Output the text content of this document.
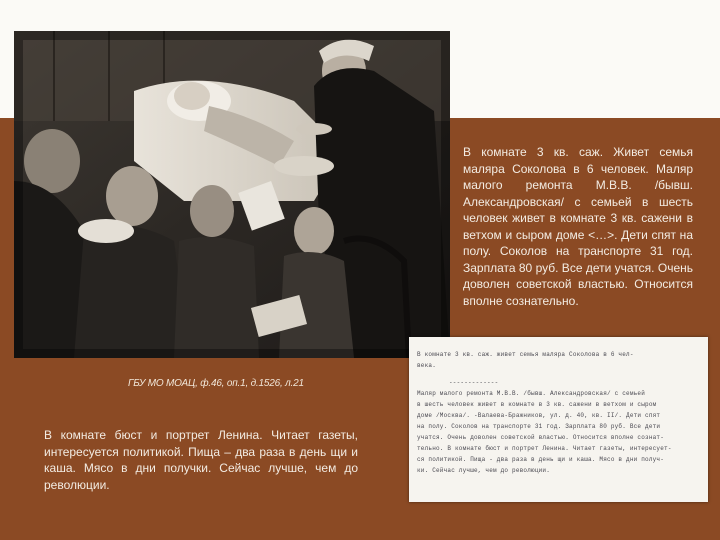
ГБУ МО МОАЦ, ф.46, оп.1, д.1526, л.21
В комнате бюст и портрет Ленина. Читает газеты, интересуется политикой. Пища – два раза в день щи и каша. Мясо в дни получки. Сейчас лучше, чем до революции.
В комнате 3 кв. саж. Живет семья маляра Соколова в 6 человек. Маляр малого ремонта М.В.В. /бывш. Александровская/ с семьей в шесть человек живет в комнате 3 кв. сажени в ветхом и сыром доме <…>. Дети спят на полу. Соколов на транспорте 31 год. Зарплата 80 руб. Все дети учатся. Очень доволен советской властью. Относится вполне сознательно.
В комнате 3 кв. саж. живет семья маляра Соколова в 6 чел-
века.
-------------
Маляр малого ремонта М.В.В. /бывш. Александровская/ с семьей
в шесть человек живет в комнате в 3 кв. сажени в ветхом и сыром
доме /Москва/. -Валаева-Бражников, ул. д. 40, кв. II/. Дети спят
на полу. Соколов на транспорте 31 год. Зарплата 80 руб. Все дети
учатся. Очень доволен советской властью. Относится вполне сознат-
тельно. В комнате бюст и портрет Ленина. Читает газеты, интересует-
ся политикой. Пища - два раза в день щи и каша. Мясо в дни получ-
ки. Сейчас лучше, чем до революции.
